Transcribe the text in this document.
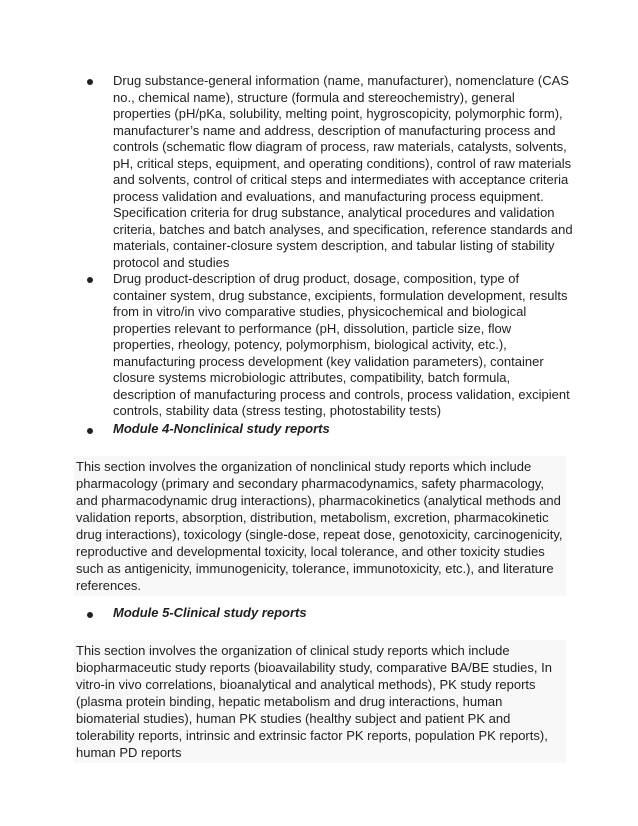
Drug substance-general information (name, manufacturer), nomenclature (CAS no., chemical name), structure (formula and stereochemistry), general properties (pH/pKa, solubility, melting point, hygroscopicity, polymorphic form), manufacturer’s name and address, description of manufacturing process and controls (schematic flow diagram of process, raw materials, catalysts, solvents, pH, critical steps, equipment, and operating conditions), control of raw materials and solvents, control of critical steps and intermediates with acceptance criteria process validation and evaluations, and manufacturing process equipment. Specification criteria for drug substance, analytical procedures and validation criteria, batches and batch analyses, and specification, reference standards and materials, container-closure system description, and tabular listing of stability protocol and studies
Drug product-description of drug product, dosage, composition, type of container system, drug substance, excipients, formulation development, results from in vitro/in vivo comparative studies, physicochemical and biological properties relevant to performance (pH, dissolution, particle size, flow properties, rheology, potency, polymorphism, biological activity, etc.), manufacturing process development (key validation parameters), container closure systems microbiologic attributes, compatibility, batch formula, description of manufacturing process and controls, process validation, excipient controls, stability data (stress testing, photostability tests)
Module 4-Nonclinical study reports
This section involves the organization of nonclinical study reports which include pharmacology (primary and secondary pharmacodynamics, safety pharmacology, and pharmacodynamic drug interactions), pharmacokinetics (analytical methods and validation reports, absorption, distribution, metabolism, excretion, pharmacokinetic drug interactions), toxicology (single-dose, repeat dose, genotoxicity, carcinogenicity, reproductive and developmental toxicity, local tolerance, and other toxicity studies such as antigenicity, immunogenicity, tolerance, immunotoxicity, etc.), and literature references.
Module 5-Clinical study reports
This section involves the organization of clinical study reports which include biopharmaceutic study reports (bioavailability study, comparative BA/BE studies, In vitro-in vivo correlations, bioanalytical and analytical methods), PK study reports (plasma protein binding, hepatic metabolism and drug interactions, human biomaterial studies), human PK studies (healthy subject and patient PK and tolerability reports, intrinsic and extrinsic factor PK reports, population PK reports), human PD reports
